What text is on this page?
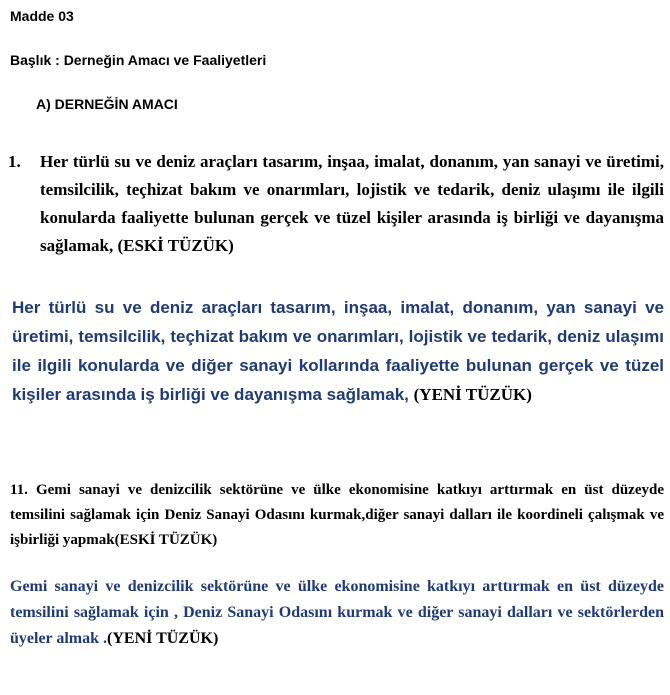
Madde 03
Başlık : Derneğin Amacı ve Faaliyetleri
A) DERNEĞİN AMACI
1. Her türlü su ve deniz araçları tasarım, inşaa, imalat, donanım, yan sanayi ve üretimi, temsilcilik, teçhizat bakım ve onarımları, lojistik ve tedarik, deniz ulaşımı ile ilgili konularda faaliyette bulunan gerçek ve tüzel kişiler arasında iş birliği ve dayanışma sağlamak, (ESKİ TÜZÜK)
Her türlü su ve deniz araçları tasarım, inşaa, imalat, donanım, yan sanayi ve üretimi, temsilcilik, teçhizat bakım ve onarımları, lojistik ve tedarik, deniz ulaşımı ile ilgili konularda ve diğer sanayi kollarında faaliyette bulunan gerçek ve tüzel kişiler arasında iş birliği ve dayanışma sağlamak, (YENİ TÜZÜK)
11. Gemi sanayi ve denizcilik sektörüne ve ülke ekonomisine katkıyı arttırmak en üst düzeyde temsilini sağlamak için Deniz Sanayi Odasını kurmak,diğer sanayi dalları ile koordineli çalışmak ve işbirliği yapmak(ESKİ TÜZÜK)
Gemi sanayi ve denizcilik sektörüne ve ülke ekonomisine katkıyı arttırmak en üst düzeyde temsilini sağlamak için , Deniz Sanayi Odasını kurmak ve diğer sanayi dalları ve sektörlerden üyeler almak .(YENİ TÜZÜK)
